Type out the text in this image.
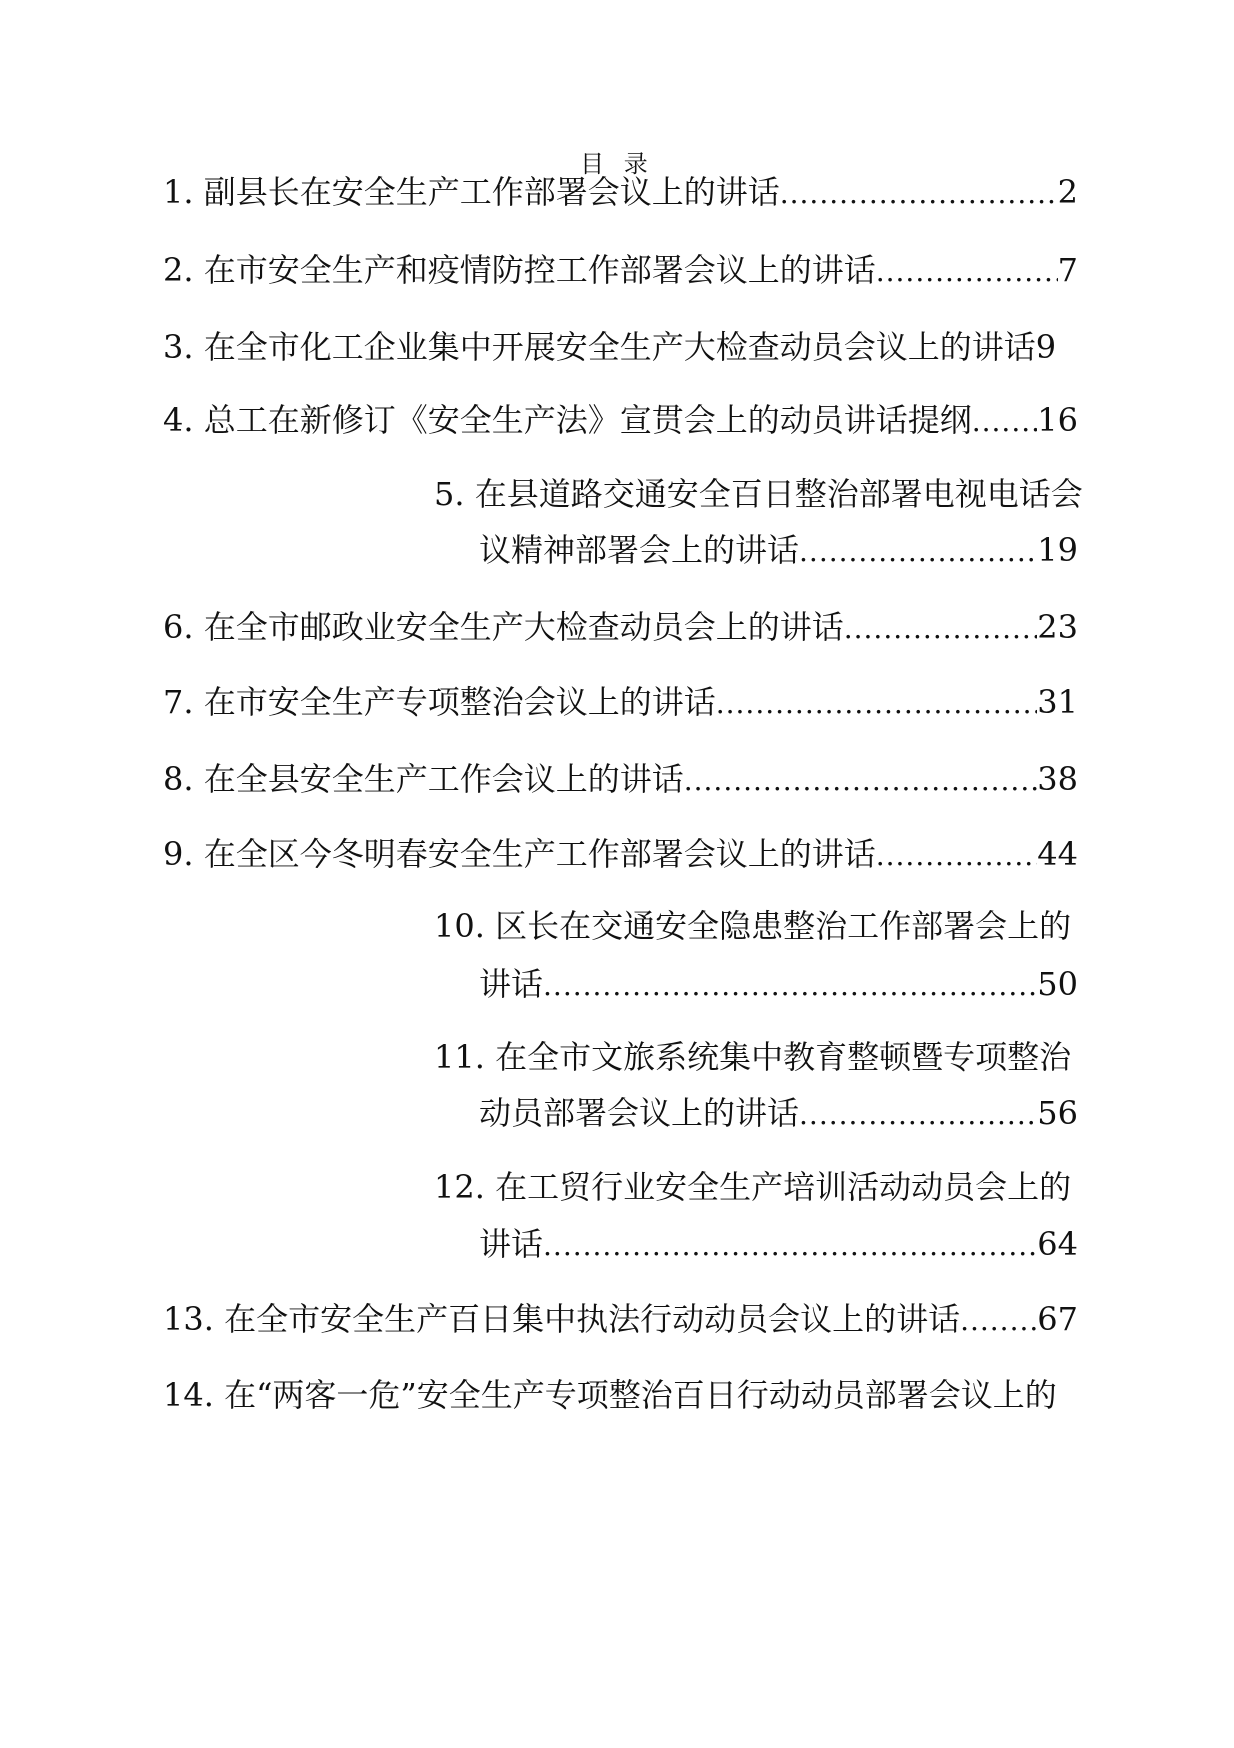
目 录
1. 副县长在安全生产工作部署会议上的讲话 .....	2
2. 在市安全生产和疫情防控工作部署会议上的讲话 .....	7
3. 在全市化工企业集中开展安全生产大检查动员会议上的讲话 9
4. 总工在新修订《安全生产法》宣贯会上的动员讲话提纲 ..... 16
5. 在县道路交通安全百日整治部署电视电话会
议精神部署会上的讲话 .....	19
6. 在全市邮政业安全生产大检查动员会上的讲话 .....	23
7. 在市安全生产专项整治会议上的讲话 .....	31
8. 在全县安全生产工作会议上的讲话 .....	38
9. 在全区今冬明春安全生产工作部署会议上的讲话 .....	44
10. 区长在交通安全隐患整治工作部署会上的
讲话 .....	50
11. 在全市文旅系统集中教育整顿暨专项整治
动员部署会议上的讲话 .....	56
12. 在工贸行业安全生产培训活动动员会上的
讲话 .....	64
13. 在全市安全生产百日集中执法行动动员会议上的讲话 ..... 67
14. 在“两客一危”安全生产专项整治百日行动动员部署会议上的
